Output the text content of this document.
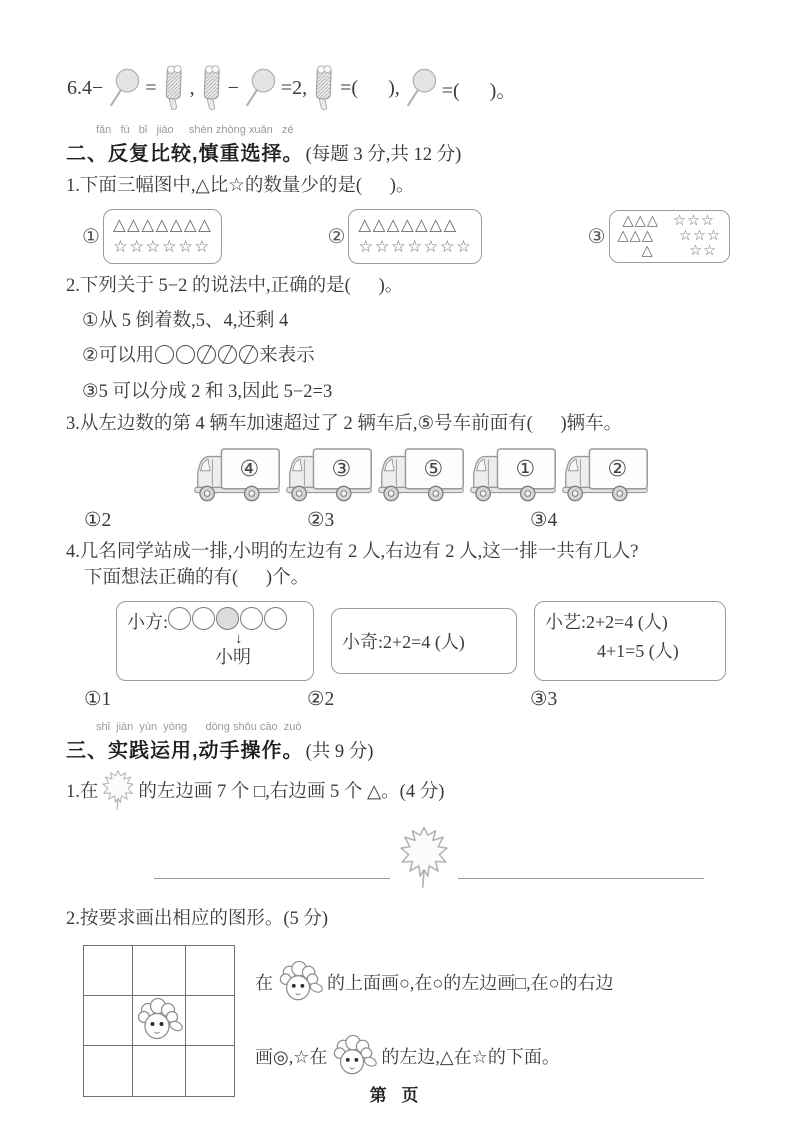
6.4− = , − =2, =(      ), =(      )。
fǎn   fù   bǐ   jiào     shèn zhòng xuǎn   zé
二、反复比较,慎重选择。 (每题 3 分,共 12 分)
1.下面三幅图中,△比☆的数量少的是(      )。
①
△△△△△△△
☆☆☆☆☆☆	②
△△△△△△△
☆☆☆☆☆☆☆	③
△△△
△△△
△
☆☆☆
☆☆☆
☆☆
2.下列关于 5−2 的说法中,正确的是(      )。
①从 5 倒着数,5、4,还剩 4
②可以用	来表示
③5 可以分成 2 和 3,因此 5−2=3
3.从左边数的第 4 辆车加速超过了 2 辆车后,⑤号车前面有(      )辆车。
④	③	⑤	①	②
①2	②3	③4
4.几名同学站成一排,小明的左边有 2 人,右边有 2 人,这一排一共有几人?
下面想法正确的有(      )个。
小方:
↓
小明
小奇:2+2=4 (人)
小艺:2+2=4 (人)
4+1=5 (人)
①1	②2	③3
shǐ  jiàn  yùn  yòng      dòng shǒu cāo  zuò
三、实践运用,动手操作。 (共 9 分)
1.在 的左边画 7 个 □,右边画 5 个 △。(4 分)
2.按要求画出相应的图形。(5 分)
在	的上面画○,在○的左边画□,在○的右边
画◎,☆在	的左边,△在☆的下面。
第 页
